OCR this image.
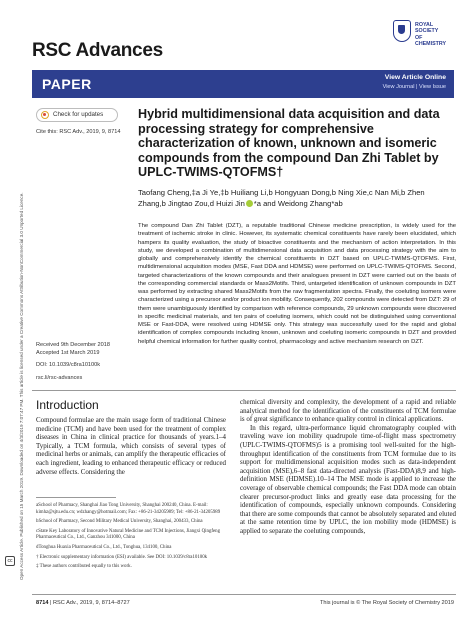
Open Access Article. Published on 15 March 2019. Downloaded on 4/3/2019 7:07:47 PM. This article is licensed under a Creative Commons Attribution-NonCommercial 3.0 Unported Licence.
cc
RSC Advances
ROYAL SOCIETY
OF CHEMISTRY
PAPER	View Article Online
View Journal | View Issue
Check for updates
Cite this: RSC Adv., 2019, 9, 8714
Hybrid multidimensional data acquisition and data processing strategy for comprehensive characterization of known, unknown and isomeric compounds from the compound Dan Zhi Tablet by UPLC-TWIMS-QTOFMS†
Taofang Cheng,‡a Ji Ye,‡b Huiliang Li,b Hongyuan Dong,b Ning Xie,c Nan Mi,b Zhen Zhang,b Jingtao Zou,d Huizi Jin *a and Weidong Zhang*ab
The compound Dan Zhi Tablet (DZT), a reputable traditional Chinese medicine prescription, is widely used for the treatment of ischemic stroke in clinic. However, its systematic chemical constituents have rarely been elucidated, which hampers its quality evaluation, the study of bioactive constituents and the mechanism of action interpretation. In this study, we developed a combination of multidimensional data acquisition and data processing strategy with the aim to globally and comprehensively identify the chemical constituents in DZT based on UPLC-TWIMS-QTOFMS. First, multidimensional acquisition modes (MSE, Fast DDA and HDMSE) were performed on UPLC-TWIMS-QTOFMS. Second, targeted characterizations of the known compounds and their analogues present in DZT were carried out on the basis of the corresponding commercial standards or Mass2Motifs. Third, untargeted identification of unknown compounds in DZT was performed by extracting shared Mass2Motifs from the raw fragmentation spectra. Finally, the coeluting isomers were characterized using a precursor and/or product ion mobility. Consequently, 202 compounds were detected from DZT: 29 of them were unambiguously identified by comparison with reference compounds, 29 unknown compounds were discovered in specific medicinal materials, and ten pairs of coeluting isomers, which could not be distinguished using conventional MSE or Fast-DDA, were resolved using HDMSE only. This strategy was successfully used for the rapid and global identification of complex compounds including known, unknown and coeluting isomeric compounds in DZT and provided helpful chemical information for further quality control, pharmacology and active mechanism research on DZT.
Received 9th December 2018
Accepted 1st March 2019
DOI: 10.1039/c8ra10100k
rsc.li/rsc-advances
Introduction
Compound formulae are the main usage form of traditional Chinese medicine (TCM) and have been used for the treatment of complex diseases in China in clinical practice for thousands of years.1–4 Typically, a TCM formula, which consists of several types of medicinal herbs or animals, can amplify the therapeutic efficacies of each ingredient, leading to enhanced therapeutic efficacy or reduced adverse effects. Considering the

aSchool of Pharmacy, Shanghai Jiao Tong University, Shanghai 200240, China. E-mail: kimhz@sjtu.edu.cn; wdzhangy@hotmail.com; Fax: +86-21-34205989; Tel: +86-21-34205989

bSchool of Pharmacy, Second Military Medical University, Shanghai, 200433, China

cState Key Laboratory of Innovative Natural Medicine and TCM Injections, Jiangxi Qingfeng Pharmaceutical Co., Ltd., Ganzhou 341000, China

dTonghua Huaxia Pharmaceutical Co., Ltd., Tonghua, 134100, China

† Electronic supplementary information (ESI) available. See DOI: 10.1039/c8ra10100k

‡ These authors contributed equally to this work.

chemical diversity and complexity, the development of a rapid and reliable analytical method for the identification of the constituents of TCM formulae is of great significance to enhance quality control in clinical applications.

In this regard, ultra-performance liquid chromatography coupled with traveling wave ion mobility quadrupole time-of-flight mass spectrometry (UPLC-TWIMS-QTOFMS)5 is a promising tool well-suited for the high-throughput identification of the constituents from TCM formulae due to its support for multidimensional acquisition modes such as data-independent acquisition (MSE),6–8 fast data-directed analysis (Fast-DDA)8,9 and high-definition MSE (HDMSE).10–14 The MSE mode is applied to increase the coverage of observable chemical compounds; the Fast DDA mode can obtain clearer precursor-product links and greatly ease data processing for the identification of compounds, especially unknown compounds. Considering that there are some compounds that cannot be absolutely separated and eluted at the same retention time by UPLC, the ion mobility mode (HDMSE) is applied to separate the coeluting compounds,

8714 | RSC Adv., 2019, 9, 8714–8727	This journal is © The Royal Society of Chemistry 2019
